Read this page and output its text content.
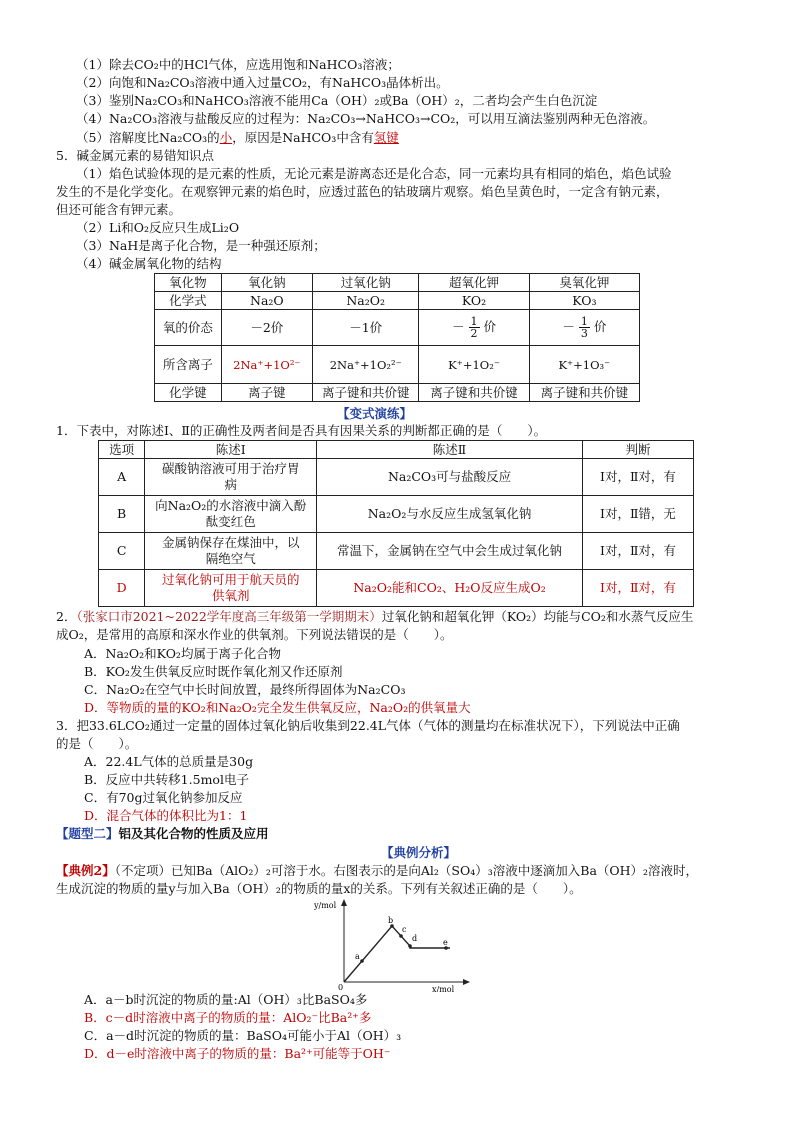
（1）除去CO₂中的HCl气体，应选用饱和NaHCO₃溶液；
（2）向饱和Na₂CO₃溶液中通入过量CO₂，有NaHCO₃晶体析出。
（3）鉴别Na₂CO₃和NaHCO₃溶液不能用Ca（OH）₂或Ba（OH）₂，二者均会产生白色沉淀
（4）Na₂CO₃溶液与盐酸反应的过程为：Na₂CO₃→NaHCO₃→CO₂，可以用互滴法鉴别两种无色溶液。
（5）溶解度比Na₂CO₃的小，原因是NaHCO₃中含有氢键
5．碱金属元素的易错知识点
（1）焰色试验体现的是元素的性质，无论元素是游离态还是化合态，同一元素均具有相同的焰色，焰色试验
发生的不是化学变化。在观察钾元素的焰色时，应透过蓝色的钴玻璃片观察。焰色呈黄色时，一定含有钠元素，
但还可能含有钾元素。
（2）Li和O₂反应只生成Li₂O
（3）NaH是离子化合物，是一种强还原剂；
（4）碱金属氧化物的结构
氧化物	氧化钠	过氧化钠	超氧化钾	臭氧化钾
化学式	Na₂O	Na₂O₂	KO₂	KO₃
氧的价态	－2价	－1价	－ $\frac{1}{2}$ 价	－ $\frac{1}{3}$ 价
所含离子	2Na⁺+1O²⁻	2Na⁺+1O₂²⁻	K⁺+1O₂⁻	K⁺+1O₃⁻
化学键	离子键	离子键和共价键	离子键和共价键	离子键和共价键
【变式演练】
1．下表中，对陈述Ⅰ、Ⅱ的正确性及两者间是否具有因果关系的判断都正确的是（　　）。
选项	陈述Ⅰ	陈述Ⅱ	判断
A	碳酸钠溶液可用于治疗胃
病	Na₂CO₃可与盐酸反应	Ⅰ对，Ⅱ对，有
B	向Na₂O₂的水溶液中滴入酚
酞变红色	Na₂O₂与水反应生成氢氧化钠	Ⅰ对，Ⅱ错，无
C	金属钠保存在煤油中，以
隔绝空气	常温下，金属钠在空气中会生成过氧化钠	Ⅰ对，Ⅱ对，有
D	过氧化钠可用于航天员的
供氧剂	Na₂O₂能和CO₂、H₂O反应生成O₂	Ⅰ对，Ⅱ对，有
2．（张家口市2021~2022学年度高三年级第一学期期末）过氧化钠和超氧化钾（KO₂）均能与CO₂和水蒸气反应生
成O₂，是常用的高原和深水作业的供氧剂。下列说法错误的是（　　）。
A．Na₂O₂和KO₂均属于离子化合物
B．KO₂发生供氧反应时既作氧化剂又作还原剂
C．Na₂O₂在空气中长时间放置，最终所得固体为Na₂CO₃
D．等物质的量的KO₂和Na₂O₂完全发生供氧反应，Na₂O₂的供氧量大
3．把33.6LCO₂通过一定量的固体过氧化钠后收集到22.4L气体（气体的测量均在标准状况下），下列说法中正确
的是（　　）。
A．22.4L气体的总质量是30g
B．反应中共转移1.5mol电子
C．有70g过氧化钠参加反应
D．混合气体的体积比为1：1
【题型二】铝及其化合物的性质及应用
【典例分析】
【典例2】（不定项）已知Ba（AlO₂）₂可溶于水。右图表示的是向Al₂（SO₄）₃溶液中逐滴加入Ba（OH）₂溶液时，
生成沉淀的物质的量y与加入Ba（OH）₂的物质的量x的关系。下列有关叙述正确的是（　　）。
y/mol
x/mol
0
a
b
c
d	e
A．a－b时沉淀的物质的量:Al（OH）₃比BaSO₄多
B．c－d时溶液中离子的物质的量：AlO₂⁻比Ba²⁺多
C．a－d时沉淀的物质的量：BaSO₄可能小于Al（OH）₃
D．d－e时溶液中离子的物质的量：Ba²⁺可能等于OH⁻
